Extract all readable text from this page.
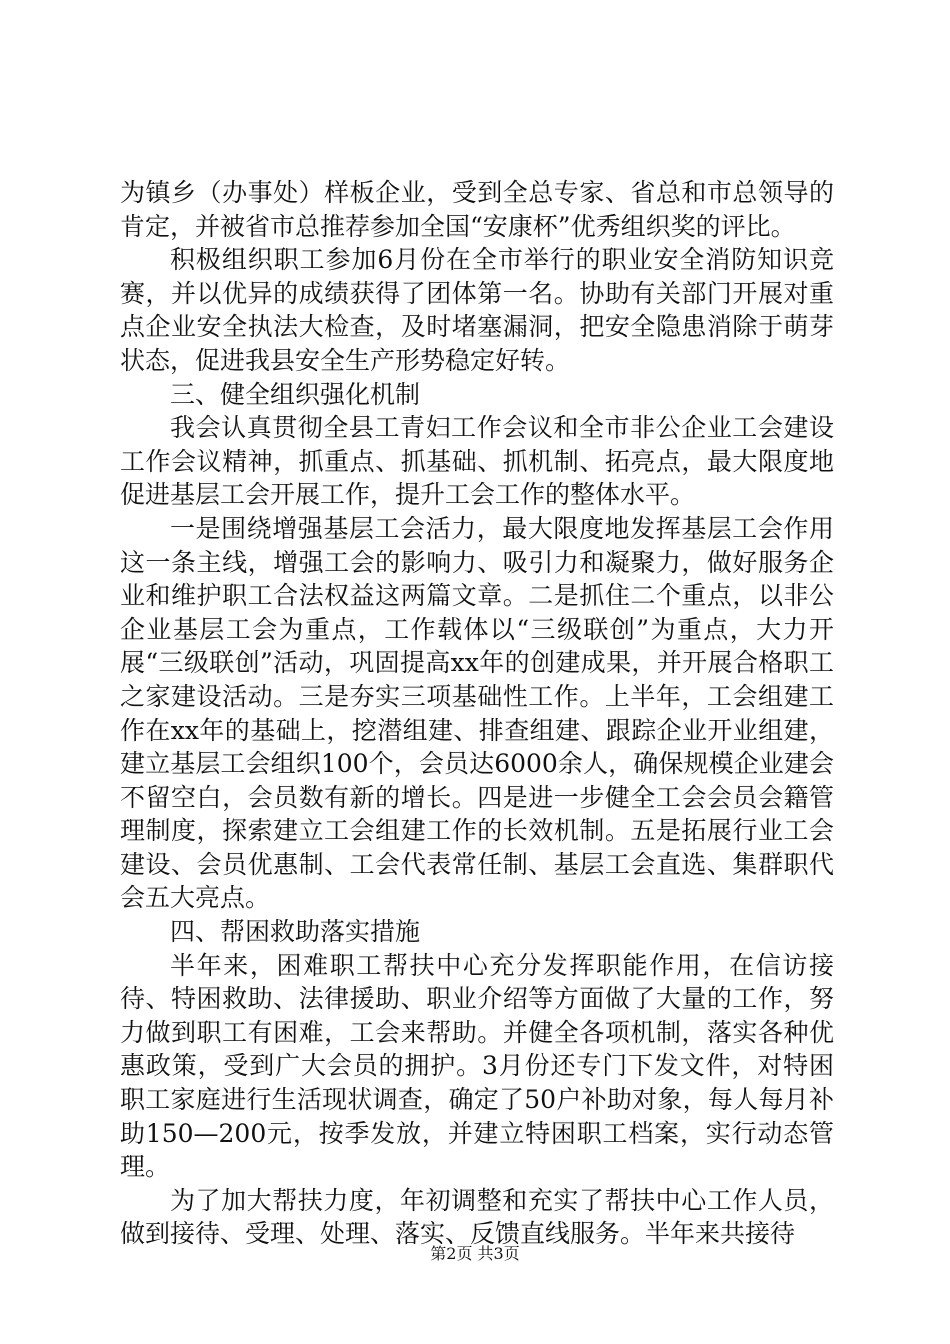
为镇乡（办事处）样板企业，受到全总专家、省总和市总领导的肯定，并被省市总推荐参加全国“安康杯”优秀组织奖的评比。

积极组织职工参加6月份在全市举行的职业安全消防知识竞赛，并以优异的成绩获得了团体第一名。协助有关部门开展对重点企业安全执法大检查，及时堵塞漏洞，把安全隐患消除于萌芽状态，促进我县安全生产形势稳定好转。

三、健全组织强化机制

我会认真贯彻全县工青妇工作会议和全市非公企业工会建设工作会议精神，抓重点、抓基础、抓机制、拓亮点，最大限度地促进基层工会开展工作，提升工会工作的整体水平。

一是围绕增强基层工会活力，最大限度地发挥基层工会作用这一条主线，增强工会的影响力、吸引力和凝聚力，做好服务企业和维护职工合法权益这两篇文章。二是抓住二个重点，以非公企业基层工会为重点，工作载体以“三级联创”为重点，大力开展“三级联创”活动，巩固提高xx年的创建成果，并开展合格职工之家建设活动。三是夯实三项基础性工作。上半年，工会组建工作在xx年的基础上，挖潜组建、排查组建、跟踪企业开业组建，建立基层工会组织100个，会员达6000余人，确保规模企业建会不留空白，会员数有新的增长。四是进一步健全工会会员会籍管理制度，探索建立工会组建工作的长效机制。五是拓展行业工会建设、会员优惠制、工会代表常任制、基层工会直选、集群职代会五大亮点。

四、帮困救助落实措施

半年来，困难职工帮扶中心充分发挥职能作用，在信访接待、特困救助、法律援助、职业介绍等方面做了大量的工作，努力做到职工有困难，工会来帮助。并健全各项机制，落实各种优惠政策，受到广大会员的拥护。3月份还专门下发文件，对特困职工家庭进行生活现状调查，确定了50户补助对象，每人每月补助150—200元，按季发放，并建立特困职工档案，实行动态管理。

为了加大帮扶力度，年初调整和充实了帮扶中心工作人员，做到接待、受理、处理、落实、反馈直线服务。半年来共接待

第2页 共3页
